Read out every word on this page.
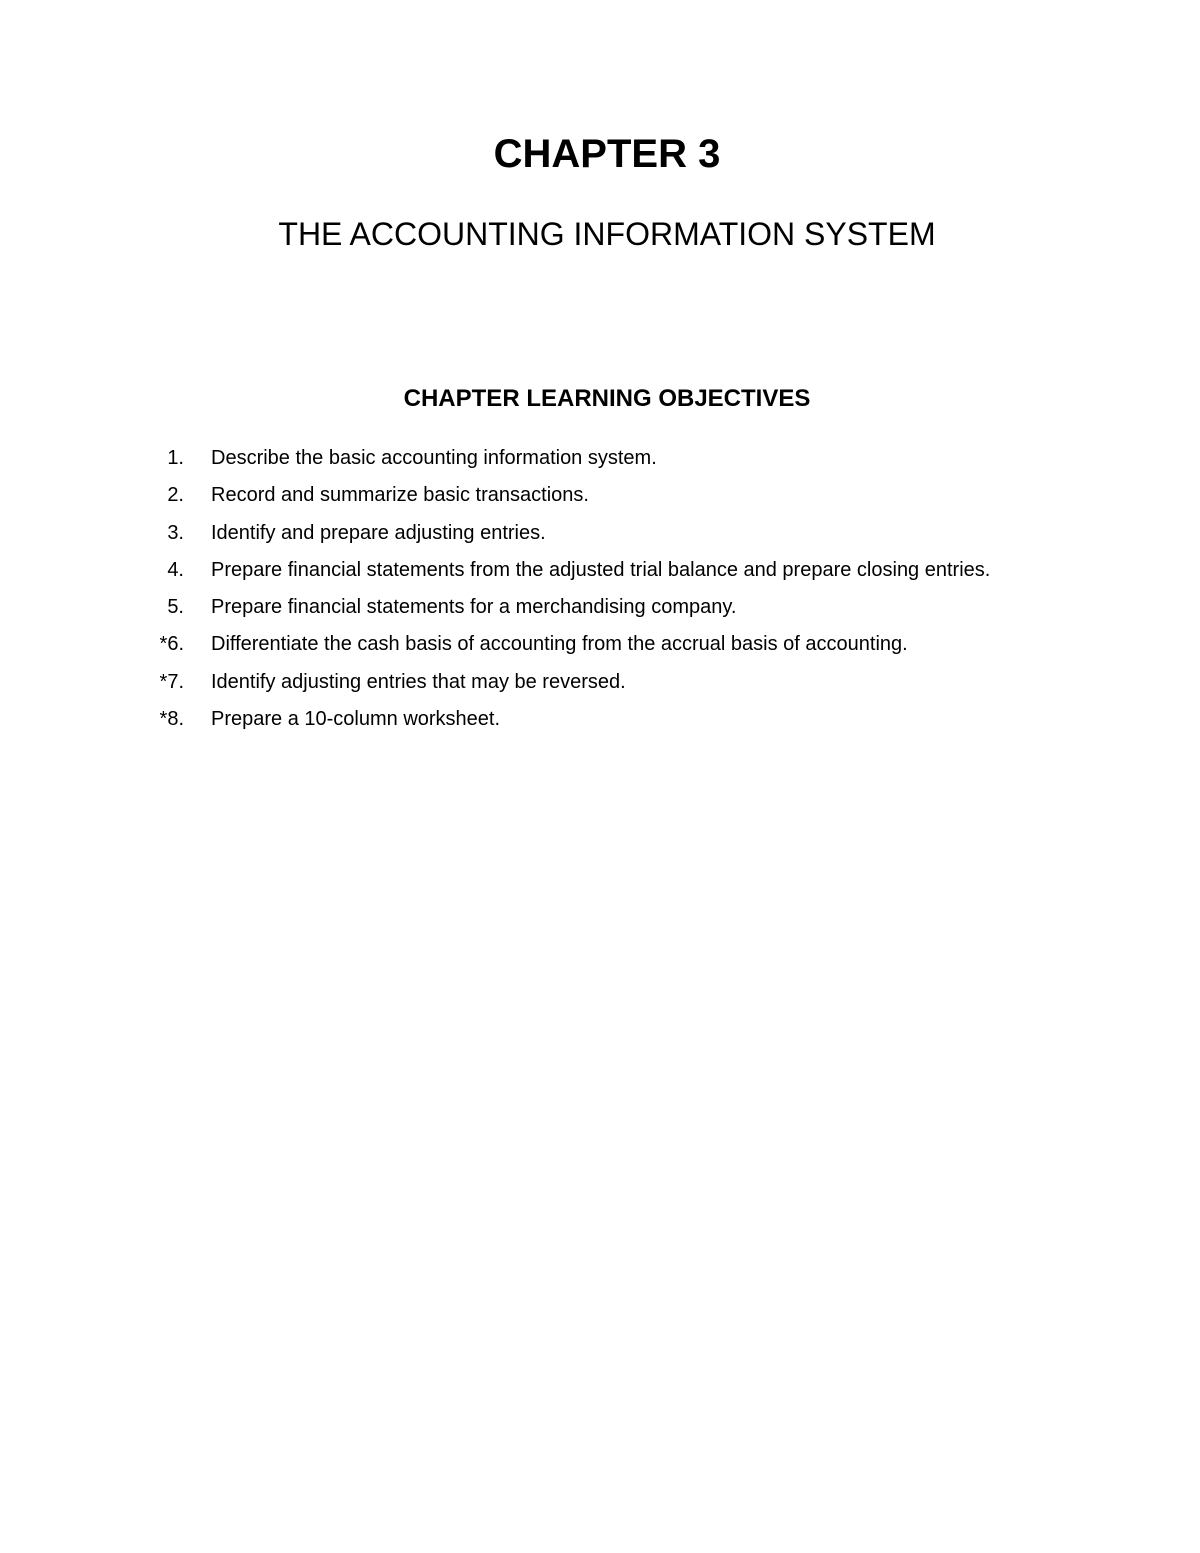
CHAPTER 3
THE ACCOUNTING INFORMATION SYSTEM
CHAPTER LEARNING OBJECTIVES
1. Describe the basic accounting information system.
2. Record and summarize basic transactions.
3. Identify and prepare adjusting entries.
4. Prepare financial statements from the adjusted trial balance and prepare closing entries.
5. Prepare financial statements for a merchandising company.
*6. Differentiate the cash basis of accounting from the accrual basis of accounting.
*7. Identify adjusting entries that may be reversed.
*8. Prepare a 10-column worksheet.
